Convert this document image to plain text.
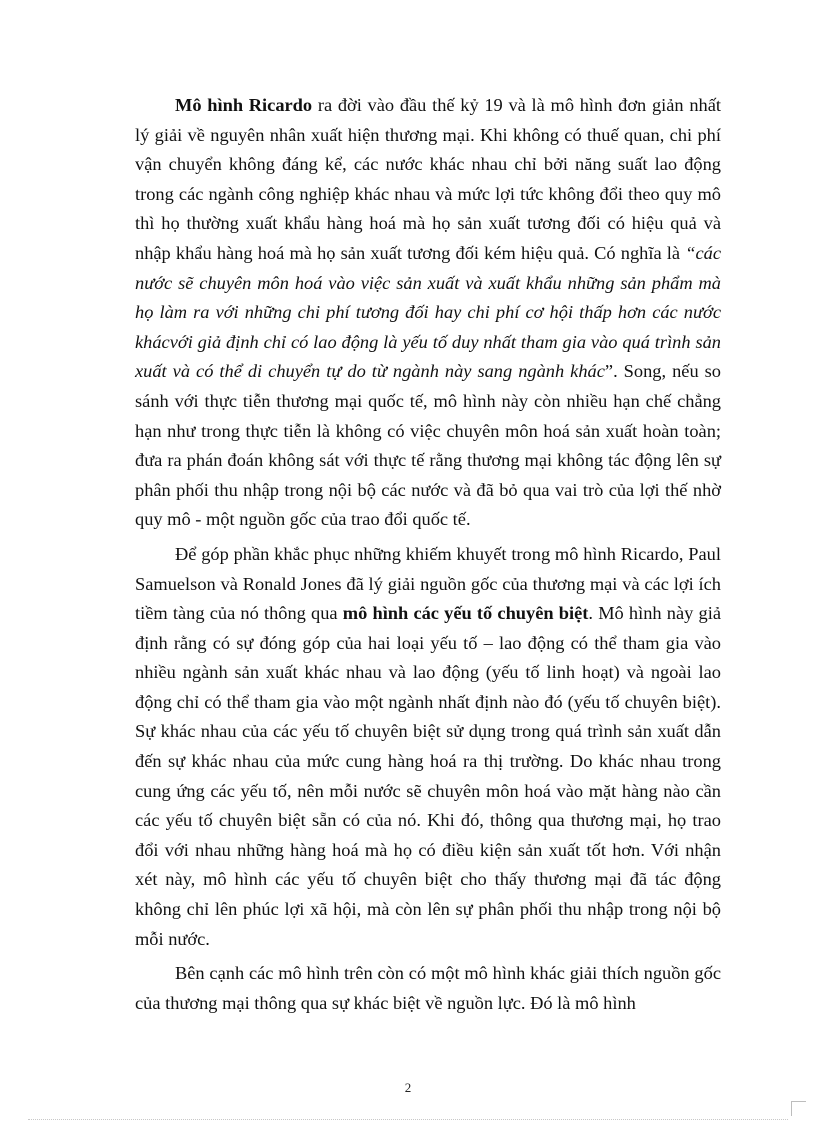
Mô hình Ricardo ra đời vào đầu thế kỷ 19 và là mô hình đơn giản nhất lý giải về nguyên nhân xuất hiện thương mại. Khi không có thuế quan, chi phí vận chuyển không đáng kể, các nước khác nhau chỉ bởi năng suất lao động trong các ngành công nghiệp khác nhau và mức lợi tức không đổi theo quy mô thì họ thường xuất khẩu hàng hoá mà họ sản xuất tương đối có hiệu quả và nhập khẩu hàng hoá mà họ sản xuất tương đối kém hiệu quả. Có nghĩa là “các nước sẽ chuyên môn hoá vào việc sản xuất và xuất khẩu những sản phẩm mà họ làm ra với những chi phí tương đối hay chi phí cơ hội thấp hơn các nước khácvới giả định chỉ có lao động là yếu tố duy nhất tham gia vào quá trình sản xuất và có thể di chuyển tự do từ ngành này sang ngành khác”. Song, nếu so sánh với thực tiễn thương mại quốc tế, mô hình này còn nhiều hạn chế chẳng hạn như trong thực tiễn là không có việc chuyên môn hoá sản xuất hoàn toàn; đưa ra phán đoán không sát với thực tế rằng thương mại không tác động lên sự phân phối thu nhập trong nội bộ các nước và đã bỏ qua vai trò của lợi thế nhờ quy mô - một nguồn gốc của trao đổi quốc tế.

Để góp phần khắc phục những khiếm khuyết trong mô hình Ricardo, Paul Samuelson và Ronald Jones đã lý giải nguồn gốc của thương mại và các lợi ích tiềm tàng của nó thông qua mô hình các yếu tố chuyên biệt. Mô hình này giả định rằng có sự đóng góp của hai loại yếu tố – lao động có thể tham gia vào nhiều ngành sản xuất khác nhau và lao động (yếu tố linh hoạt) và ngoài lao động chỉ có thể tham gia vào một ngành nhất định nào đó (yếu tố chuyên biệt). Sự khác nhau của các yếu tố chuyên biệt sử dụng trong quá trình sản xuất dẫn đến sự khác nhau của mức cung hàng hoá ra thị trường. Do khác nhau trong cung ứng các yếu tố, nên mỗi nước sẽ chuyên môn hoá vào mặt hàng nào cần các yếu tố chuyên biệt sẵn có của nó. Khi đó, thông qua thương mại, họ trao đổi với nhau những hàng hoá mà họ có điều kiện sản xuất tốt hơn. Với nhận xét này, mô hình các yếu tố chuyên biệt cho thấy thương mại đã tác động không chỉ lên phúc lợi xã hội, mà còn lên sự phân phối thu nhập trong nội bộ mỗi nước.

Bên cạnh các mô hình trên còn có một mô hình khác giải thích nguồn gốc của thương mại thông qua sự khác biệt về nguồn lực. Đó là mô hình

2
